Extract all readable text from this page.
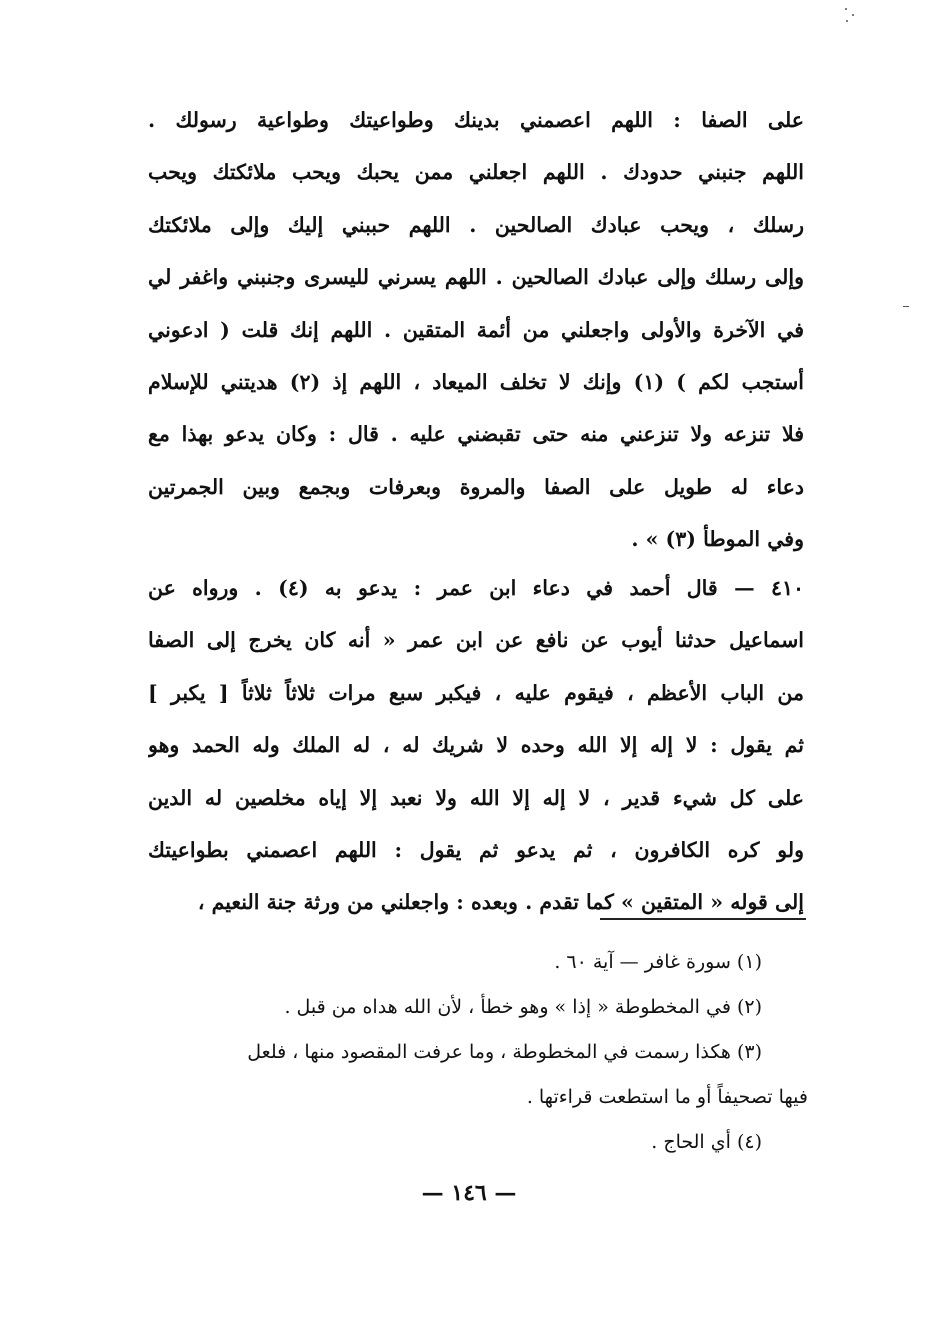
على الصفا : اللهم اعصمني بدينك وطواعيتك وطواعية رسولك .
اللهم جنبني حدودك . اللهم اجعلني ممن يحبك ويحب ملائكتك ويحب
رسلك ، ويحب عبادك الصالحين . اللهم حببني إليك وإلى ملائكتك
وإلى رسلك وإلى عبادك الصالحين . اللهم يسرني لليسرى وجنبني واغفر لي
في الآخرة والأولى واجعلني من أئمة المتقين . اللهم إنك قلت ( ادعوني
أستجب لكم ) (١) وإنك لا تخلف الميعاد ، اللهم إذ (٢) هديتني للإسلام
فلا تنزعه ولا تنزعني منه حتى تقبضني عليه . قال : وكان يدعو بهذا مع
دعاء له طويل على الصفا والمروة وبعرفات وبجمع وبين الجمرتين
وفي الموطأ (٣) » .
٤١٠ — قال أحمد في دعاء ابن عمر : يدعو به (٤) . ورواه عن
اسماعيل حدثنا أيوب عن نافع عن ابن عمر « أنه كان يخرج إلى الصفا
من الباب الأعظم ، فيقوم عليه ، فيكبر سبع مرات ثلاثاً ثلاثاً [ يكبر ]
ثم يقول : لا إله إلا الله وحده لا شريك له ، له الملك وله الحمد وهو
على كل شيء قدير ، لا إله إلا الله ولا نعبد إلا إياه مخلصين له الدين
ولو كره الكافرون ، ثم يدعو ثم يقول : اللهم اعصمني بطواعيتك
إلى قوله « المتقين » كما تقدم . وبعده : واجعلني من ورثة جنة النعيم ،
(١) سورة غافر — آية ٦٠ .
(٢) في المخطوطة « إذا » وهو خطأ ، لأن الله هداه من قبل .
(٣) هكذا رسمت في المخطوطة ، وما عرفت المقصود منها ، فلعل
فيها تصحيفاً أو ما استطعت قراءتها .
(٤) أي الحاج .
— ١٤٦ —
